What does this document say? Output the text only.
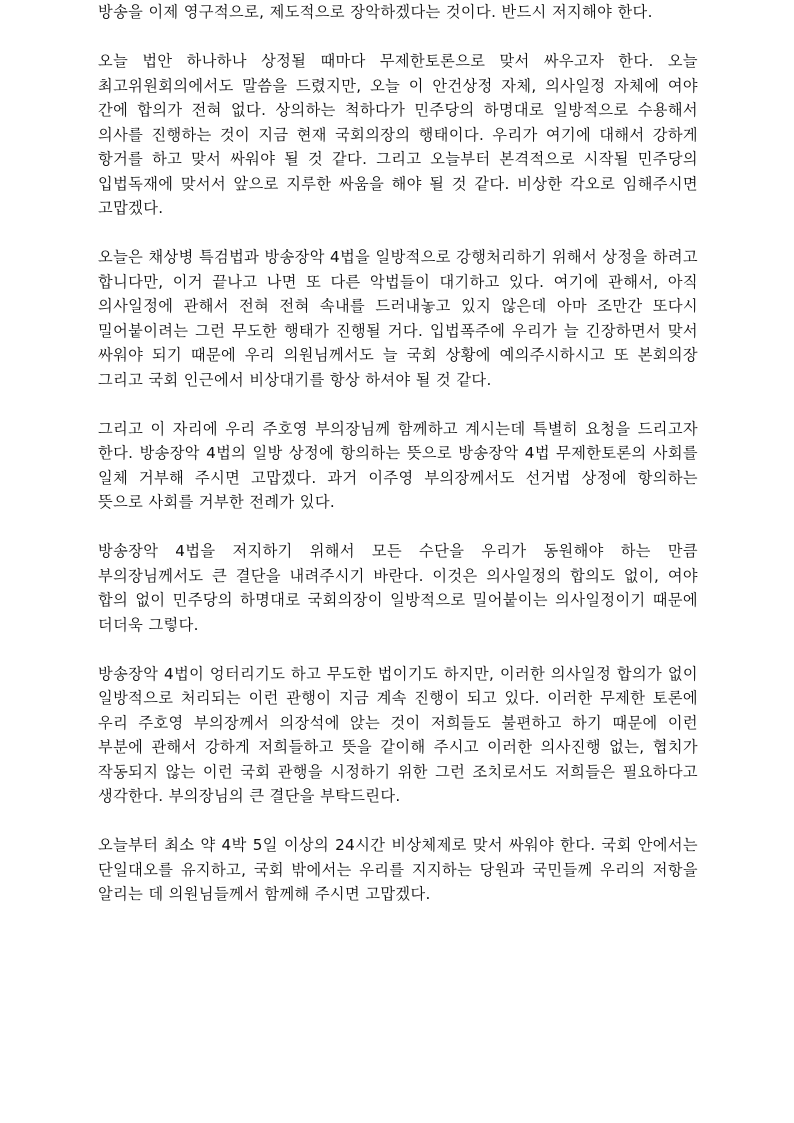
방송을 이제 영구적으로, 제도적으로 장악하겠다는 것이다. 반드시 저지해야 한다.

오늘 법안 하나하나 상정될 때마다 무제한토론으로 맞서 싸우고자 한다. 오늘 최고위원회의에서도 말씀을 드렸지만, 오늘 이 안건상정 자체, 의사일정 자체에 여야 간에 합의가 전혀 없다. 상의하는 척하다가 민주당의 하명대로 일방적으로 수용해서 의사를 진행하는 것이 지금 현재 국회의장의 행태이다. 우리가 여기에 대해서 강하게 항거를 하고 맞서 싸워야 될 것 같다. 그리고 오늘부터 본격적으로 시작될 민주당의 입법독재에 맞서서 앞으로 지루한 싸움을 해야 될 것 같다. 비상한 각오로 임해주시면 고맙겠다.

오늘은 채상병 특검법과 방송장악 4법을 일방적으로 강행처리하기 위해서 상정을 하려고 합니다만, 이거 끝나고 나면 또 다른 악법들이 대기하고 있다. 여기에 관해서, 아직 의사일정에 관해서 전혀 전혀 속내를 드러내놓고 있지 않은데 아마 조만간 또다시 밀어붙이려는 그런 무도한 행태가 진행될 거다. 입법폭주에 우리가 늘 긴장하면서 맞서 싸워야 되기 때문에 우리 의원님께서도 늘 국회 상황에 예의주시하시고 또 본회의장 그리고 국회 인근에서 비상대기를 항상 하셔야 될 것 같다.

그리고 이 자리에 우리 주호영 부의장님께 함께하고 계시는데 특별히 요청을 드리고자 한다. 방송장악 4법의 일방 상정에 항의하는 뜻으로 방송장악 4법 무제한토론의 사회를 일체 거부해 주시면 고맙겠다. 과거 이주영 부의장께서도 선거법 상정에 항의하는 뜻으로 사회를 거부한 전례가 있다.

방송장악 4법을 저지하기 위해서 모든 수단을 우리가 동원해야 하는 만큼 부의장님께서도 큰 결단을 내려주시기 바란다. 이것은 의사일정의 합의도 없이, 여야 합의 없이 민주당의 하명대로 국회의장이 일방적으로 밀어붙이는 의사일정이기 때문에 더더욱 그렇다.

방송장악 4법이 엉터리기도 하고 무도한 법이기도 하지만, 이러한 의사일정 합의가 없이 일방적으로 처리되는 이런 관행이 지금 계속 진행이 되고 있다. 이러한 무제한 토론에 우리 주호영 부의장께서 의장석에 앉는 것이 저희들도 불편하고 하기 때문에 이런 부분에 관해서 강하게 저희들하고 뜻을 같이해 주시고 이러한 의사진행 없는, 협치가 작동되지 않는 이런 국회 관행을 시정하기 위한 그런 조치로서도 저희들은 필요하다고 생각한다. 부의장님의 큰 결단을 부탁드린다.

오늘부터 최소 약 4박 5일 이상의 24시간 비상체제로 맞서 싸워야 한다. 국회 안에서는 단일대오를 유지하고, 국회 밖에서는 우리를 지지하는 당원과 국민들께 우리의 저항을 알리는 데 의원님들께서 함께해 주시면 고맙겠다.
